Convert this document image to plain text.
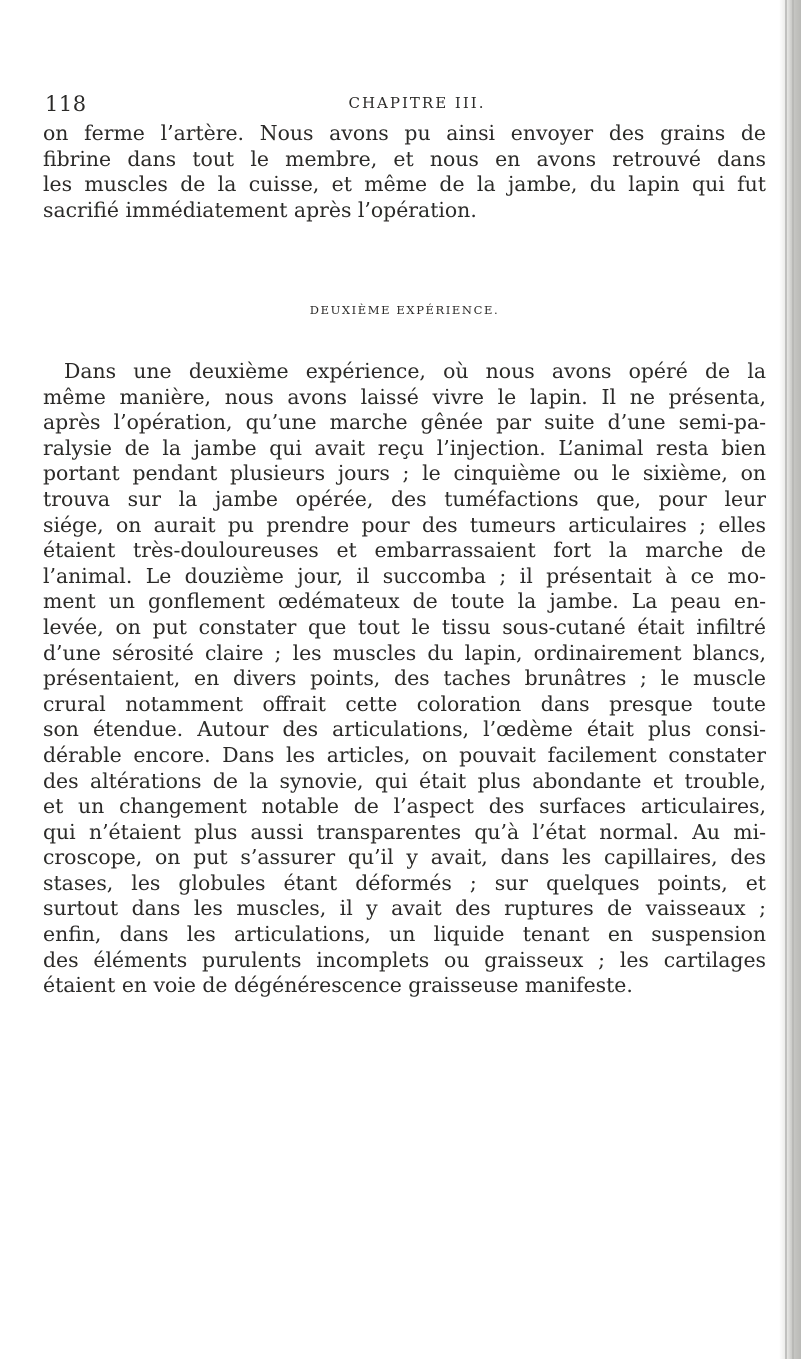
118	CHAPITRE III.

on ferme l’artère. Nous avons pu ainsi envoyer des grains de
fibrine dans tout le membre, et nous en avons retrouvé dans
les muscles de la cuisse, et même de la jambe, du lapin qui fut
sacrifié immédiatement après l’opération.

DEUXIÈME EXPÉRIENCE.

Dans une deuxième expérience, où nous avons opéré de la
même manière, nous avons laissé vivre le lapin. Il ne présenta,
après l’opération, qu’une marche gênée par suite d’une semi-pa-
ralysie de la jambe qui avait reçu l’injection. L’animal resta bien
portant pendant plusieurs jours ; le cinquième ou le sixième, on
trouva sur la jambe opérée, des tuméfactions que, pour leur
siége, on aurait pu prendre pour des tumeurs articulaires ; elles
étaient très-douloureuses et embarrassaient fort la marche de
l’animal. Le douzième jour, il succomba ; il présentait à ce mo-
ment un gonflement œdémateux de toute la jambe. La peau en-
levée, on put constater que tout le tissu sous-cutané était infiltré
d’une sérosité claire ; les muscles du lapin, ordinairement blancs,
présentaient, en divers points, des taches brunâtres ; le muscle
crural notamment offrait cette coloration dans presque toute
son étendue. Autour des articulations, l’œdème était plus consi-
dérable encore. Dans les articles, on pouvait facilement constater
des altérations de la synovie, qui était plus abondante et trouble,
et un changement notable de l’aspect des surfaces articulaires,
qui n’étaient plus aussi transparentes qu’à l’état normal. Au mi-
croscope, on put s’assurer qu’il y avait, dans les capillaires, des
stases, les globules étant déformés ; sur quelques points, et
surtout dans les muscles, il y avait des ruptures de vaisseaux ;
enfin, dans les articulations, un liquide tenant en suspension
des éléments purulents incomplets ou graisseux ; les cartilages
étaient en voie de dégénérescence graisseuse manifeste.
